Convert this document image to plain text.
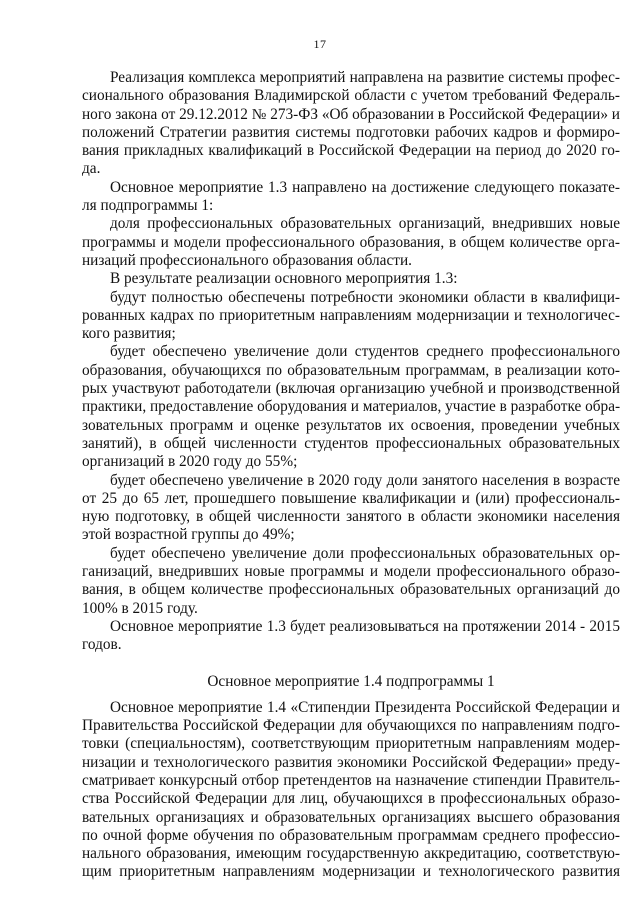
17
Реализация комплекса мероприятий направлена на развитие системы профес-
сионального образования Владимирской области с учетом требований Федераль-
ного закона от 29.12.2012 № 273-ФЗ «Об образовании в Российской Федерации» и
положений Стратегии развития системы подготовки рабочих кадров и формиро-
вания прикладных квалификаций в Российской Федерации на период до 2020 го-
да.
Основное мероприятие 1.3 направлено на достижение следующего показате-
ля подпрограммы 1:
доля профессиональных образовательных организаций, внедривших новые
программы и модели профессионального образования, в общем количестве орга-
низаций профессионального образования области.
В результате реализации основного мероприятия 1.3:
будут полностью обеспечены потребности экономики области в квалифици-
рованных кадрах по приоритетным направлениям модернизации и технологичес-
кого развития;
будет обеспечено увеличение доли студентов среднего профессионального
образования, обучающихся по образовательным программам, в реализации кото-
рых участвуют работодатели (включая организацию учебной и производственной
практики, предоставление оборудования и материалов, участие в разработке обра-
зовательных программ и оценке результатов их освоения, проведении учебных
занятий), в общей численности студентов профессиональных образовательных
организаций в 2020 году до 55%;
будет обеспечено увеличение в 2020 году доли занятого населения в возрасте
от 25 до 65 лет, прошедшего повышение квалификации и (или) профессиональ-
ную подготовку, в общей численности занятого в области экономики населения
этой возрастной группы до 49%;
будет обеспечено увеличение доли профессиональных образовательных ор-
ганизаций, внедривших новые программы и модели профессионального образо-
вания, в общем количестве профессиональных образовательных организаций до
100% в 2015 году.
Основное мероприятие 1.3 будет реализовываться на протяжении 2014 - 2015
годов.
Основное мероприятие 1.4 подпрограммы 1
Основное мероприятие 1.4 «Стипендии Президента Российской Федерации и
Правительства Российской Федерации для обучающихся по направлениям подго-
товки (специальностям), соответствующим приоритетным направлениям модер-
низации и технологического развития экономики Российской Федерации» преду-
сматривает конкурсный отбор претендентов на назначение стипендии Правитель-
ства Российской Федерации для лиц, обучающихся в профессиональных образо-
вательных организациях и образовательных организациях высшего образования
по очной форме обучения по образовательным программам среднего профессио-
нального образования, имеющим государственную аккредитацию, соответствую-
щим приоритетным направлениям модернизации и технологического развития
